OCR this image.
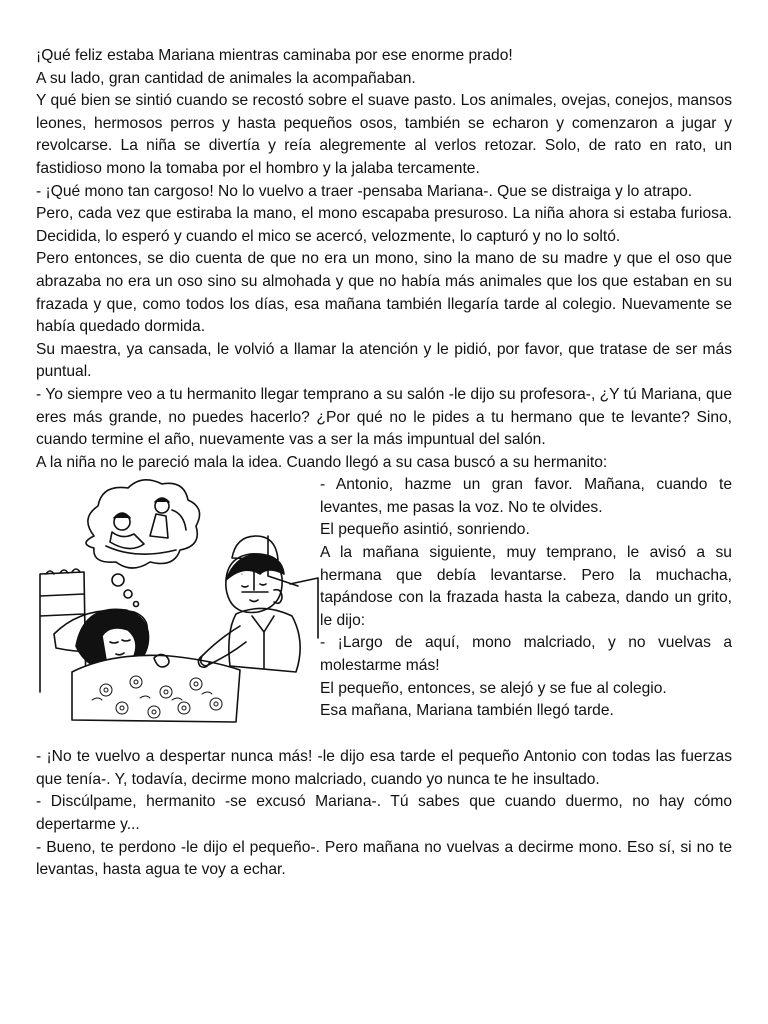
¡Qué feliz estaba Mariana mientras caminaba por ese enorme prado!

A su lado, gran cantidad de animales la acompañaban.

Y qué bien se sintió cuando se recostó sobre el suave pasto. Los animales, ovejas, conejos, mansos leones, hermosos perros y hasta pequeños osos, también se echaron y comenzaron a jugar y revolcarse. La niña se divertía y reía alegremente al verlos retozar. Solo, de rato en rato, un fastidioso mono la tomaba por el hombro y la jalaba tercamente.

- ¡Qué mono tan cargoso! No lo vuelvo a traer -pensaba Mariana-. Que se distraiga y lo atrapo.

Pero, cada vez que estiraba la mano, el mono escapaba presuroso. La niña ahora si estaba furiosa. Decidida, lo esperó y cuando el mico se acercó, velozmente, lo capturó y no lo soltó.

Pero entonces, se dio cuenta de que no era un mono, sino la mano de su madre y que el oso que abrazaba no era un oso sino su almohada y que no había más animales que los que estaban en su frazada y que, como todos los días, esa mañana también llegaría tarde al colegio. Nuevamente se había quedado dormida.

Su maestra, ya cansada, le volvió a llamar la atención y le pidió, por favor, que tratase de ser más puntual.

- Yo siempre veo a tu hermanito llegar temprano a su salón -le dijo su profesora-, ¿Y tú Mariana, que eres más grande, no puedes hacerlo? ¿Por qué no le pides a tu hermano que te levante? Sino, cuando termine el año, nuevamente vas a ser la más impuntual del salón.

A la niña no le pareció mala la idea. Cuando llegó a su casa buscó a su hermanito:

- Antonio, hazme un gran favor. Mañana, cuando te levantes, me pasas la voz. No te olvides.

El pequeño asintió, sonriendo.

A la mañana siguiente, muy temprano, le avisó a su hermana que debía levantarse. Pero la muchacha, tapándose con la frazada hasta la cabeza, dando un grito, le dijo:

- ¡Largo de aquí, mono malcriado, y no vuelvas a molestarme más!

El pequeño, entonces, se alejó y se fue al colegio.

Esa mañana, Mariana también llegó tarde.

- ¡No te vuelvo a despertar nunca más! -le dijo esa tarde el pequeño Antonio con todas las fuerzas que tenía-. Y, todavía, decirme mono malcriado, cuando yo nunca te he insultado.

- Discúlpame, hermanito -se excusó Mariana-. Tú sabes que cuando duermo, no hay cómo depertarme y...

- Bueno, te perdono -le dijo el pequeño-. Pero mañana no vuelvas a decirme mono. Eso sí, si no te levantas, hasta agua te voy a echar.
